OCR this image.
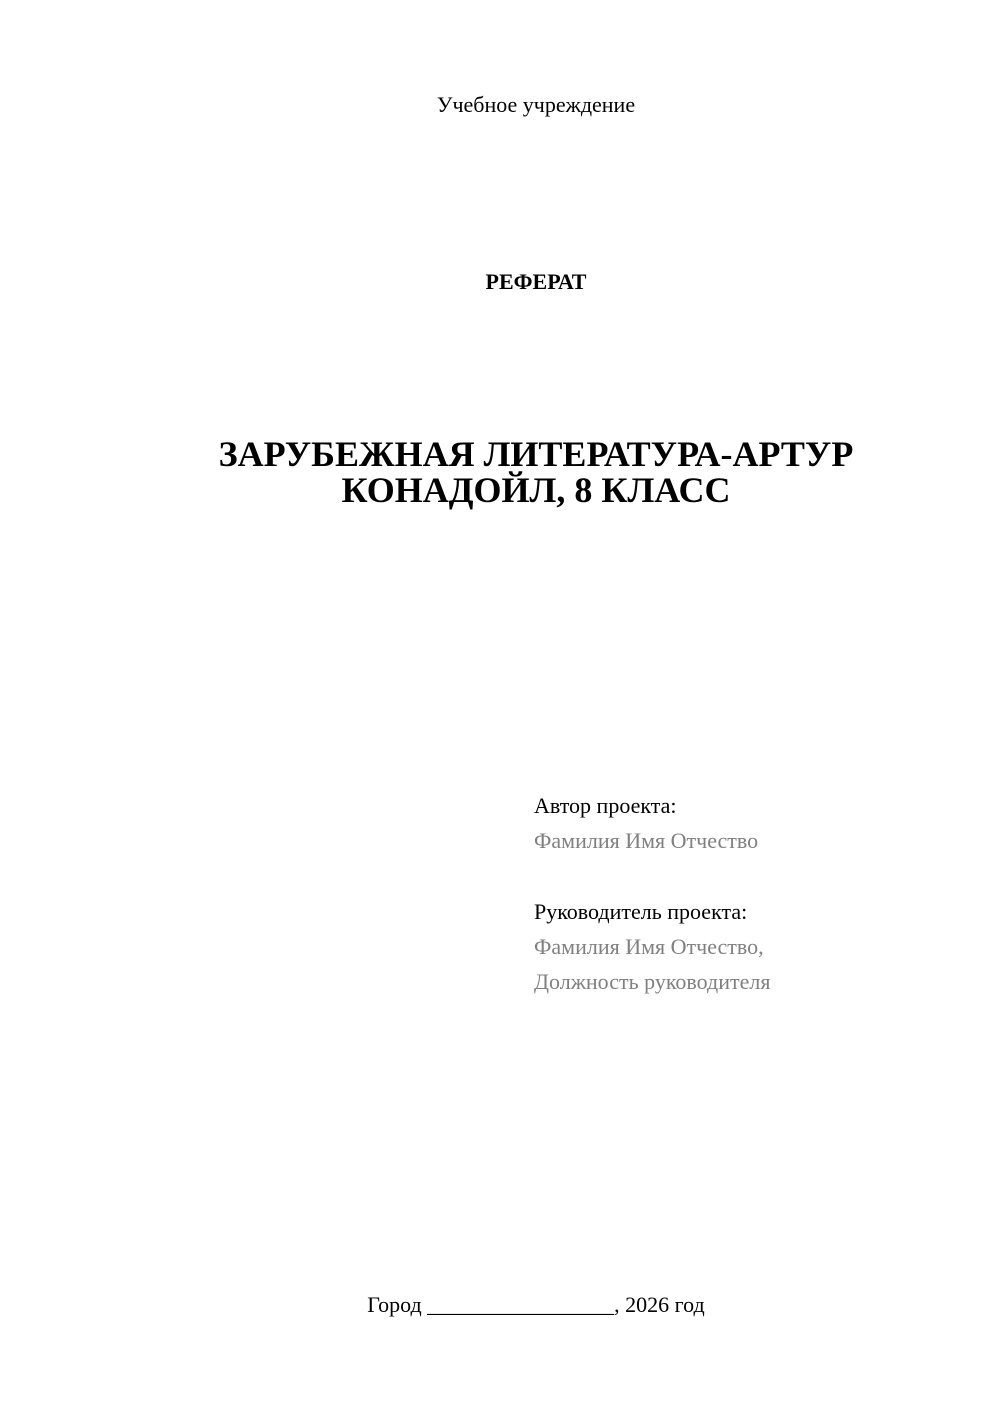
Учебное учреждение
РЕФЕРАТ
ЗАРУБЕЖНАЯ ЛИТЕРАТУРА-АРТУР
КОНАДОЙЛ, 8 КЛАСС
Автор проекта:
Фамилия Имя Отчество
Руководитель проекта:
Фамилия Имя Отчество,
Должность руководителя
Город _________________, 2026 год
